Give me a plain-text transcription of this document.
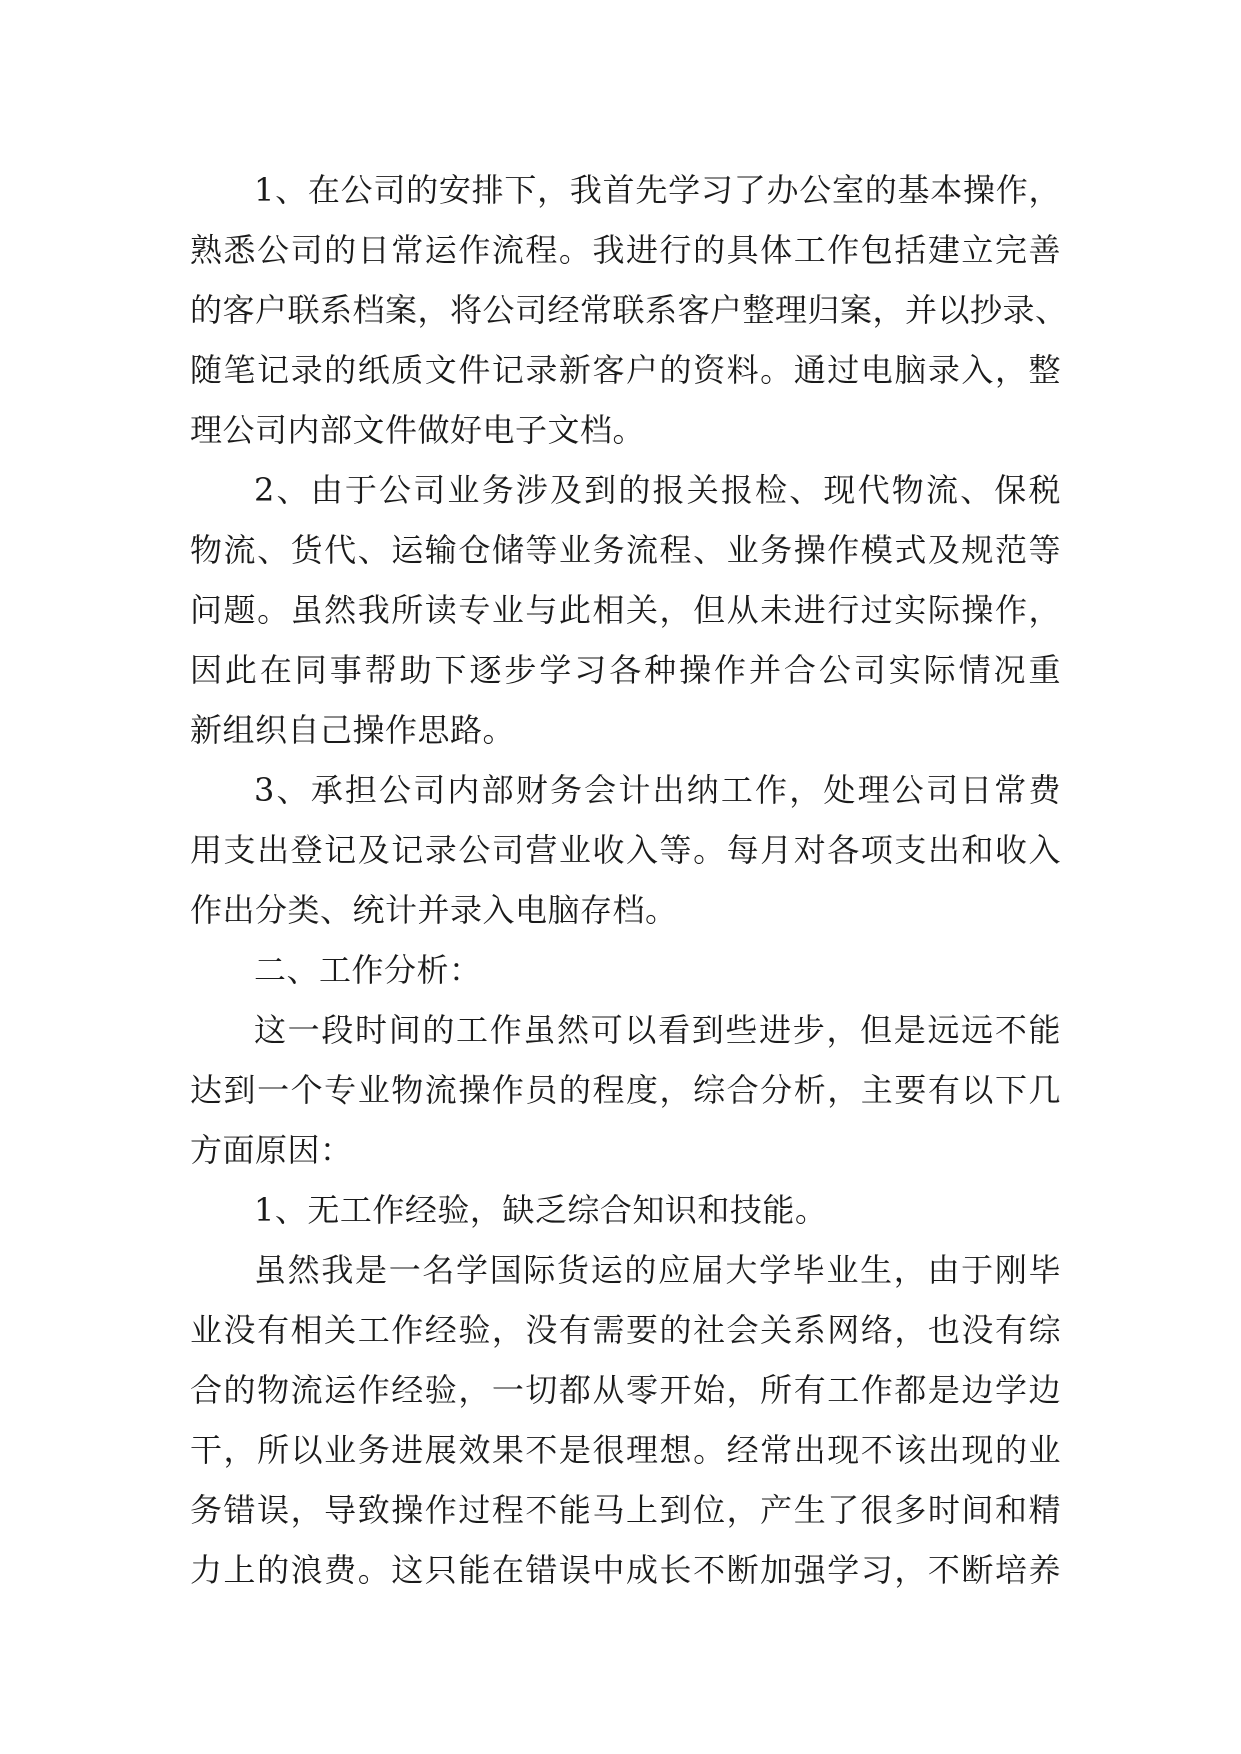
1、在公司的安排下，我首先学习了办公室的基本操作，
熟悉公司的日常运作流程。我进行的具体工作包括建立完善
的客户联系档案，将公司经常联系客户整理归案，并以抄录、
随笔记录的纸质文件记录新客户的资料。通过电脑录入，整
理公司内部文件做好电子文档。
2、由于公司业务涉及到的报关报检、现代物流、保税
物流、货代、运输仓储等业务流程、业务操作模式及规范等
问题。虽然我所读专业与此相关，但从未进行过实际操作，
因此在同事帮助下逐步学习各种操作并合公司实际情况重
新组织自己操作思路。
3、承担公司内部财务会计出纳工作，处理公司日常费
用支出登记及记录公司营业收入等。每月对各项支出和收入
作出分类、统计并录入电脑存档。
二、工作分析：
这一段时间的工作虽然可以看到些进步，但是远远不能
达到一个专业物流操作员的程度，综合分析，主要有以下几
方面原因：
1、无工作经验，缺乏综合知识和技能。
虽然我是一名学国际货运的应届大学毕业生，由于刚毕
业没有相关工作经验，没有需要的社会关系网络，也没有综
合的物流运作经验，一切都从零开始，所有工作都是边学边
干，所以业务进展效果不是很理想。经常出现不该出现的业
务错误，导致操作过程不能马上到位，产生了很多时间和精
力上的浪费。这只能在错误中成长不断加强学习，不断培养
